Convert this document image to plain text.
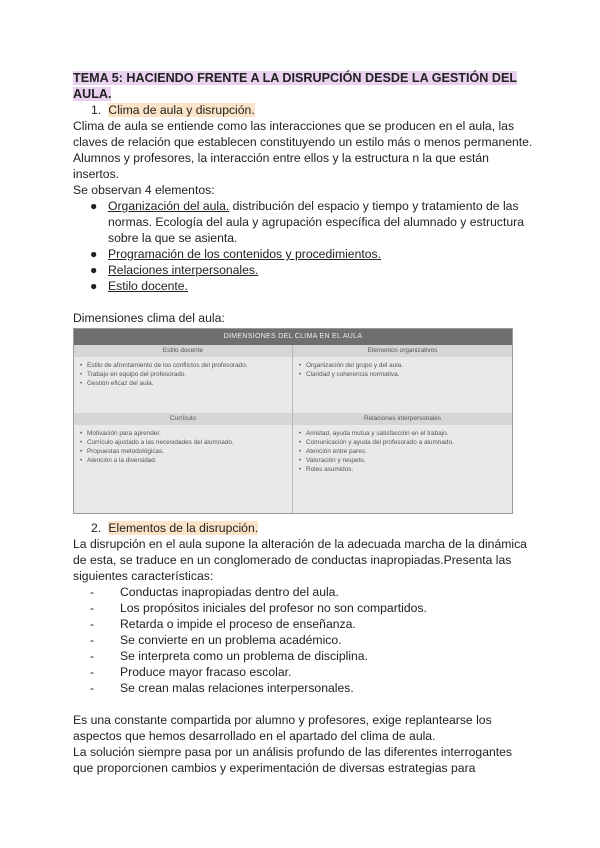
TEMA 5: HACIENDO FRENTE A LA DISRUPCIÓN DESDE LA GESTIÓN DEL AULA.

1. Clima de aula y disrupción.

Clima de aula se entiende como las interacciones que se producen en el aula, las claves de relación que establecen constituyendo un estilo más o menos permanente. Alumnos y profesores, la interacción entre ellos y la estructura n la que están insertos.

Se observan 4 elementos:

● Organización del aula. distribución del espacio y tiempo y tratamiento de las normas. Ecología del aula y agrupación específica del alumnado y estructura sobre la que se asienta.
● Programación de los contenidos y procedimientos.
● Relaciones interpersonales.
● Estilo docente.

Dimensiones clima del aula:

DIMENSIONES DEL CLIMA EN EL AULA
Estilo docente
• Estilo de afrontamiento de los conflictos del profesorado.
• Trabajo en equipo del profesorado.
• Gestión eficaz del aula.
Elementos organizativos
• Organización del grupo y del aula.
• Claridad y coherencia normativa.
Currículo
• Motivación para aprender.
• Currículo ajustado a las necesidades del alumnado.
• Propuestas metodológicas.
• Atención a la diversidad.
Relaciones interpersonales
• Amistad, ayuda mutua y satisfacción en el trabajo.
• Comunicación y ayuda del profesorado a alumnado.
• Atención entre pares.
• Valoración y respeto.
• Roles asumidos.

2. Elementos de la disrupción.

La disrupción en el aula supone la alteración de la adecuada marcha de la dinámica de esta, se traduce en un conglomerado de conductas inapropiadas.Presenta las siguientes características:

- Conductas inapropiadas dentro del aula.
- Los propósitos iniciales del profesor no son compartidos.
- Retarda o impide el proceso de enseñanza.
- Se convierte en un problema académico.
- Se interpreta como un problema de disciplina.
- Produce mayor fracaso escolar.
- Se crean malas relaciones interpersonales.

Es una constante compartida por alumno y profesores, exige replantearse los aspectos que hemos desarrollado en el apartado del clima de aula.

La solución siempre pasa por un análisis profundo de las diferentes interrogantes que proporcionen cambios y experimentación de diversas estrategias para
